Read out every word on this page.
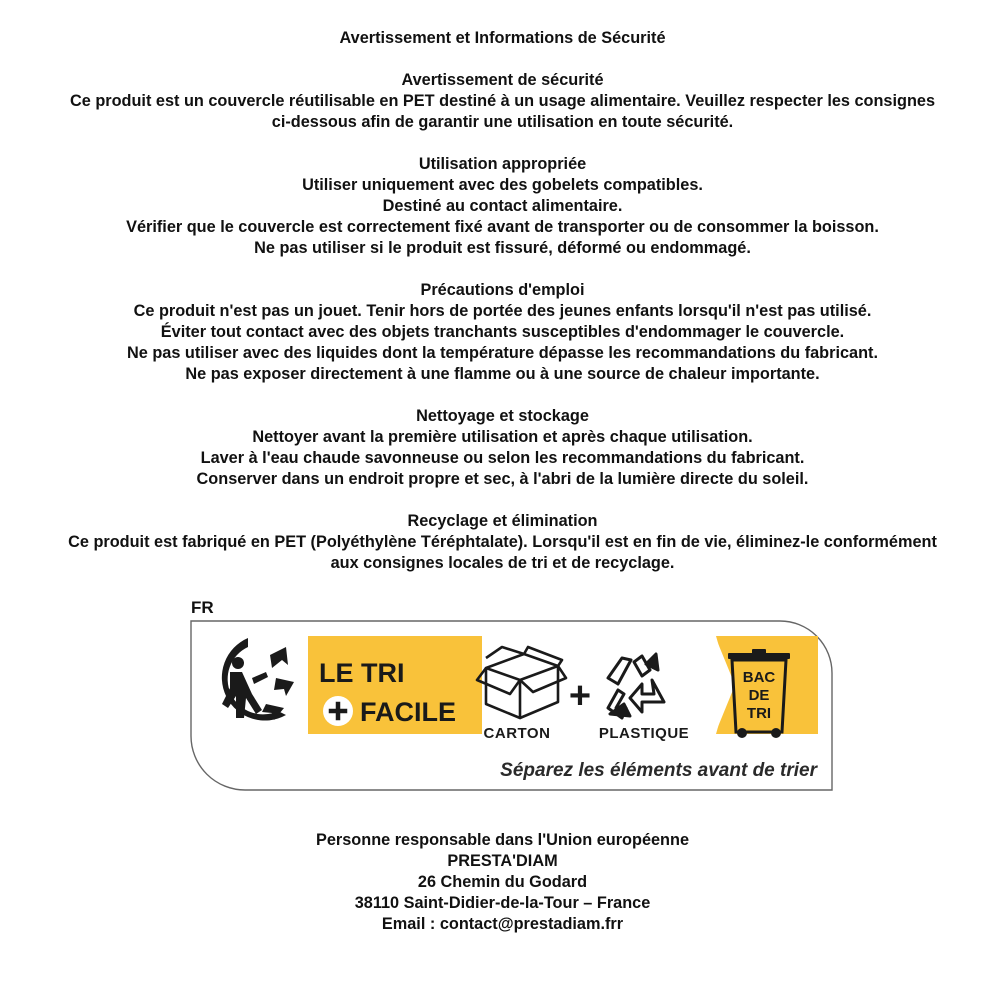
Avertissement et Informations de Sécurité

Avertissement de sécurité

Ce produit est un couvercle réutilisable en PET destiné à un usage alimentaire. Veuillez respecter les consignes

ci-dessous afin de garantir une utilisation en toute sécurité.

Utilisation appropriée

Utiliser uniquement avec des gobelets compatibles.

Destiné au contact alimentaire.

Vérifier que le couvercle est correctement fixé avant de transporter ou de consommer la boisson.

Ne pas utiliser si le produit est fissuré, déformé ou endommagé.

Précautions d'emploi

Ce produit n'est pas un jouet. Tenir hors de portée des jeunes enfants lorsqu'il n'est pas utilisé.

Éviter tout contact avec des objets tranchants susceptibles d'endommager le couvercle.

Ne pas utiliser avec des liquides dont la température dépasse les recommandations du fabricant.

Ne pas exposer directement à une flamme ou à une source de chaleur importante.

Nettoyage et stockage

Nettoyer avant la première utilisation et après chaque utilisation.

Laver à l'eau chaude savonneuse ou selon les recommandations du fabricant.

Conserver dans un endroit propre et sec, à l'abri de la lumière directe du soleil.

Recyclage et élimination

Ce produit est fabriqué en PET (Polyéthylène Téréphtalate). Lorsqu'il est en fin de vie, éliminez-le conformément

aux consignes locales de tri et de recyclage.

FR
LE TRI
FACILE
CARTON
+
PLASTIQUE
BAC
DE
TRI
Séparez les éléments avant de trier

Personne responsable dans l'Union européenne

PRESTA'DIAM

26 Chemin du Godard

38110 Saint-Didier-de-la-Tour – France

Email : contact@prestadiam.frr
